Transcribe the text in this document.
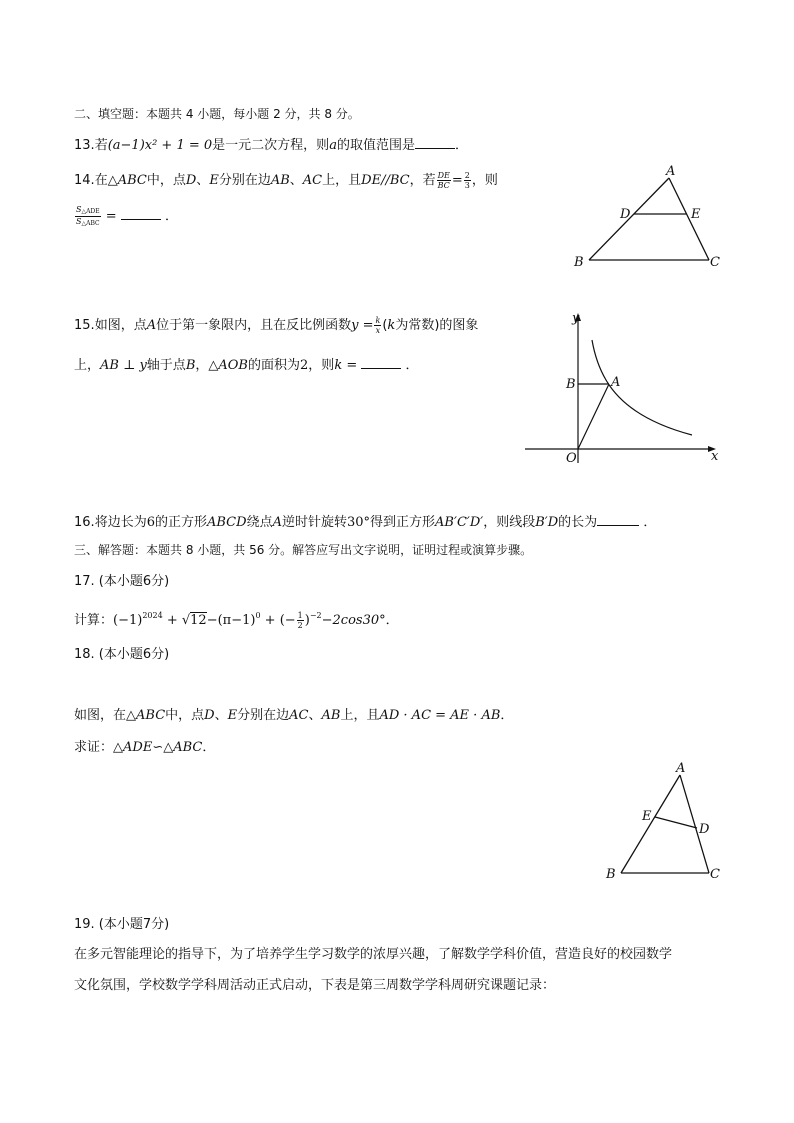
二、填空题：本题共 4 小题，每小题 2 分，共 8 分。
13.若(a−1)x² + 1 = 0是一元二次方程，则a的取值范围是	．
14.在△ABC中，点D、E分别在边AB、AC上，且DE//BC，若 $\frac{DE}{BC} = \frac{2}{3}$ ，则
$\frac{\text{S△ADE}}{\text{S△ABC}}$ =	．
A
B	C
D	E
15.如图，点A位于第一象限内，且在反比例函数$y = \frac{k}{x} (k$为常数)的图象
上，AB ⊥ y轴于点B，△AOB的面积为2，则k =	．
y
x
O
A
B
16.将边长为6的正方形ABCD绕点A逆时针旋转30°得到正方形AB′C′D′，则线段B′D的长为	．
三、解答题：本题共 8 小题，共 56 分。解答应写出文字说明，证明过程或演算步骤。
17. (本小题6分)
计算：$(-1)^{2024} + √12-(\pi-1)^0$ + (− $\frac{1}{2} )^{-2}-2\cos 30^\circ$．
18. (本小题6分)
如图，在△ABC中，点D、E分别在边AC、AB上，且AD · AC = AE · AB．
求证：△ADE∽△ABC．
A
B	C
D
E
19. (本小题7分)
在多元智能理论的指导下，为了培养学生学习数学的浓厚兴趣，了解数学学科价值，营造良好的校园数学
文化氛围，学校数学学科周活动正式启动，下表是第三周数学学科周研究课题记录：
